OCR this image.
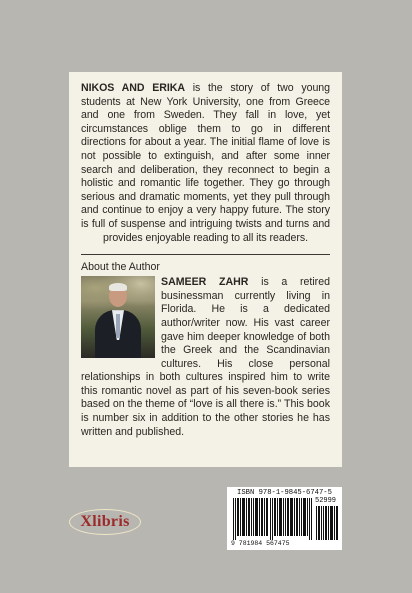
NIKOS AND ERIKA is the story of two young students at New York University, one from Greece and one from Sweden. They fall in love, yet circumstances oblige them to go in different directions for about a year. The initial flame of love is not possible to extinguish, and after some inner search and deliberation, they reconnect to begin a holistic and romantic life together. They go through serious and dramatic moments, yet they pull through and continue to enjoy a very happy future. The story is full of suspense and intriguing twists and turns and provides enjoyable reading to all its readers.

About the Author
SAMEER ZAHR is a retired businessman currently living in Florida. He is a dedicated author/writer now. His vast career gave him deeper knowledge of both the Greek and the Scandinavian cultures. His close personal relationships in both cultures inspired him to write this romantic novel as part of his seven-book series based on the theme of “love is all there is.” This book is number six in addition to the other stories he has written and published.
Xlibris
ISBN 978-1-9845-6747-5
9 781984 567475
52999
